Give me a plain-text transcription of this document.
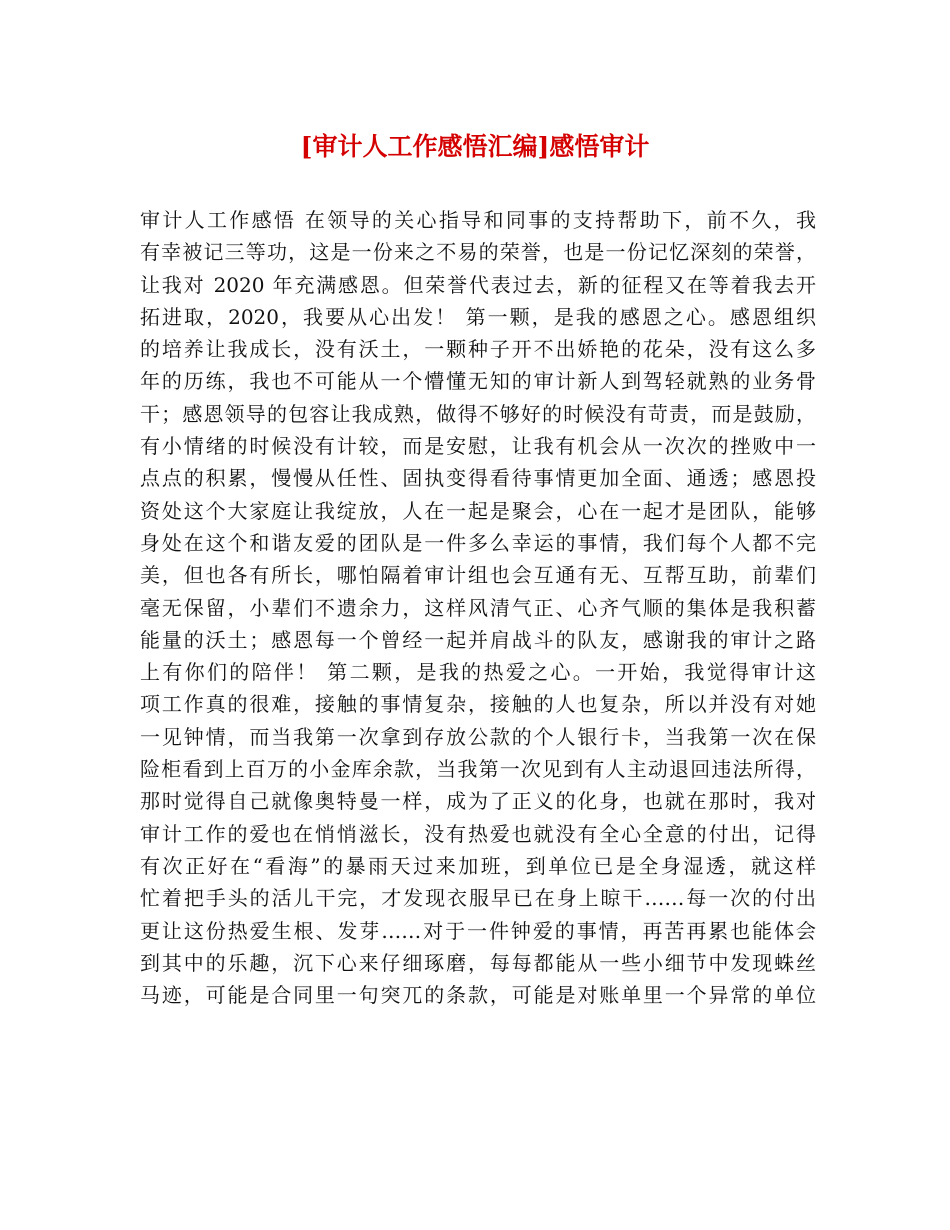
[审计人工作感悟汇编]感悟审计
审计人工作感悟 在领导的关心指导和同事的支持帮助下，前不久，我
有幸被记三等功，这是一份来之不易的荣誉，也是一份记忆深刻的荣誉，
让我对 2020 年充满感恩。但荣誉代表过去，新的征程又在等着我去开
拓进取，2020，我要从心出发！ 第一颗，是我的感恩之心。感恩组织
的培养让我成长，没有沃土，一颗种子开不出娇艳的花朵，没有这么多
年的历练，我也不可能从一个懵懂无知的审计新人到驾轻就熟的业务骨
干；感恩领导的包容让我成熟，做得不够好的时候没有苛责，而是鼓励，
有小情绪的时候没有计较，而是安慰，让我有机会从一次次的挫败中一
点点的积累，慢慢从任性、固执变得看待事情更加全面、通透；感恩投
资处这个大家庭让我绽放，人在一起是聚会，心在一起才是团队，能够
身处在这个和谐友爱的团队是一件多么幸运的事情，我们每个人都不完
美，但也各有所长，哪怕隔着审计组也会互通有无、互帮互助，前辈们
毫无保留，小辈们不遗余力，这样风清气正、心齐气顺的集体是我积蓄
能量的沃土；感恩每一个曾经一起并肩战斗的队友，感谢我的审计之路
上有你们的陪伴！ 第二颗，是我的热爱之心。一开始，我觉得审计这
项工作真的很难，接触的事情复杂，接触的人也复杂，所以并没有对她
一见钟情，而当我第一次拿到存放公款的个人银行卡，当我第一次在保
险柜看到上百万的小金库余款，当我第一次见到有人主动退回违法所得，
那时觉得自己就像奥特曼一样，成为了正义的化身，也就在那时，我对
审计工作的爱也在悄悄滋长，没有热爱也就没有全心全意的付出，记得
有次正好在“看海”的暴雨天过来加班，到单位已是全身湿透，就这样
忙着把手头的活儿干完，才发现衣服早已在身上晾干……每一次的付出
更让这份热爱生根、发芽……对于一件钟爱的事情，再苦再累也能体会
到其中的乐趣，沉下心来仔细琢磨，每每都能从一些小细节中发现蛛丝
马迹，可能是合同里一句突兀的条款，可能是对账单里一个异常的单位
